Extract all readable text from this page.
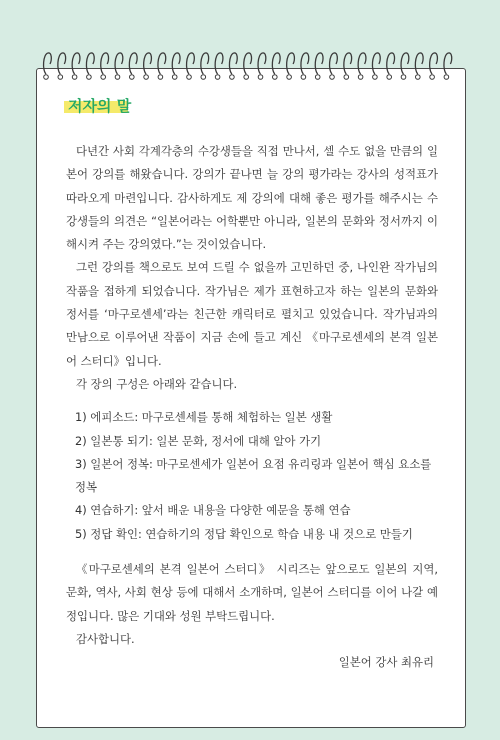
저자의 말

다년간 사회 각계각층의 수강생들을 직접 만나서, 셀 수도 없을 만큼의 일본어 강의를 해왔습니다. 강의가 끝나면 늘 강의 평가라는 강사의 성적표가 따라오게 마련입니다. 감사하게도 제 강의에 대해 좋은 평가를 해주시는 수강생들의 의견은 “일본어라는 어학뿐만 아니라, 일본의 문화와 정서까지 이해시켜 주는 강의였다.”는 것이었습니다.

그런 강의를 책으로도 보여 드릴 수 없을까 고민하던 중, 나인완 작가님의 작품을 접하게 되었습니다. 작가님은 제가 표현하고자 하는 일본의 문화와 정서를 ‘마구로센세’라는 친근한 캐릭터로 펼치고 있었습니다. 작가님과의 만남으로 이루어낸 작품이 지금 손에 들고 계신 《마구로센세의 본격 일본어 스터디》입니다.

각 장의 구성은 아래와 같습니다.

1) 에피소드: 마구로센세를 통해 체험하는 일본 생활
2) 일본통 되기: 일본 문화, 정서에 대해 알아 가기
3) 일본어 정복: 마구로센세가 일본어 요점 유리링과 일본어 핵심 요소를 정복
4) 연습하기: 앞서 배운 내용을 다양한 예문을 통해 연습
5) 정답 확인: 연습하기의 정답 확인으로 학습 내용 내 것으로 만들기

《마구로센세의 본격 일본어 스터디》 시리즈는 앞으로도 일본의 지역, 문화, 역사, 사회 현상 등에 대해서 소개하며, 일본어 스터디를 이어 나갈 예정입니다. 많은 기대와 성원 부탁드립니다.

감사합니다.

일본어 강사 최유리
